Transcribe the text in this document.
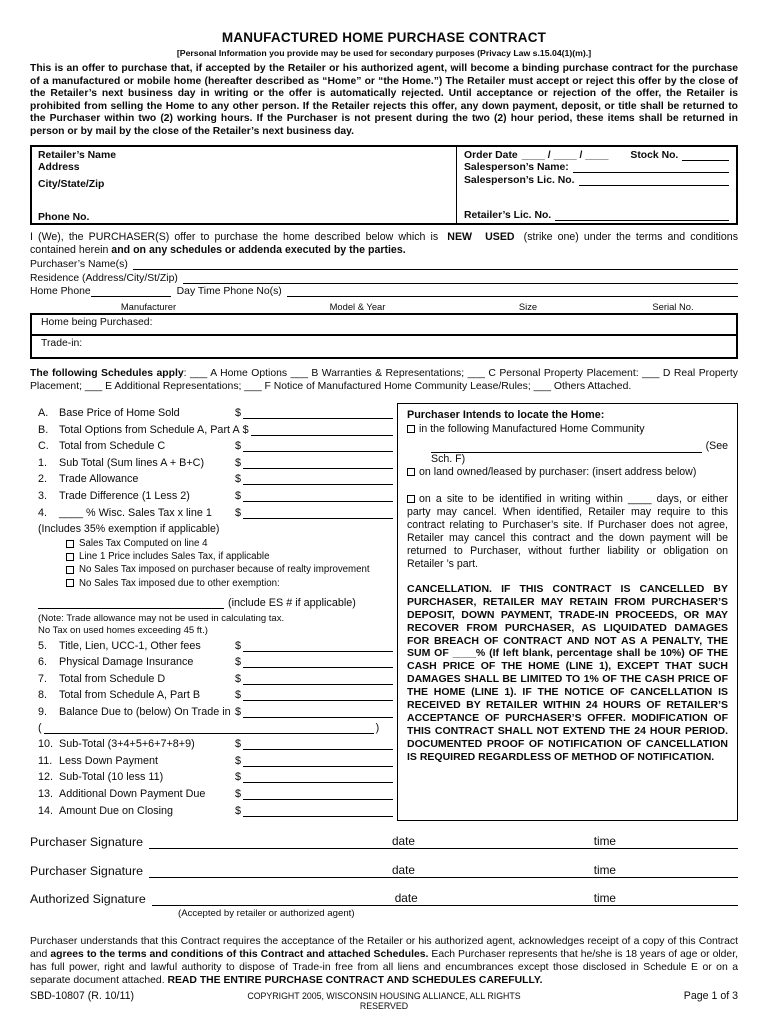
MANUFACTURED HOME PURCHASE CONTRACT
[Personal Information you provide may be used for secondary purposes (Privacy Law s.15.04(1)(m).]
This is an offer to purchase that, if accepted by the Retailer or his authorized agent, will become a binding purchase contract for the purchase of a manufactured or mobile home (hereafter described as “Home” or “the Home.”) The Retailer must accept or reject this offer by the close of the Retailer’s next business day in writing or the offer is automatically rejected. Until acceptance or rejection of the offer, the Retailer is prohibited from selling the Home to any other person. If the Retailer rejects this offer, any down payment, deposit, or title shall be returned to the Purchaser within two (2) working hours. If the Purchaser is not present during the two (2) hour period, these items shall be returned in person or by mail by the close of the Retailer’s next business day.
Retailer’s Name
Address
City/State/Zip
Phone No.
Order Date ____ / ____ / ____ Stock No.
Salesperson’s Name:
Salesperson’s Lic. No.
Retailer’s Lic. No.
I (We), the PURCHASER(S) offer to purchase the home described below which is NEW USED (strike one) under the terms and conditions contained herein and on any schedules or addenda executed by the parties.
Purchaser’s Name(s)
Residence (Address/City/St/Zip)
Home Phone	Day Time Phone No(s)
Manufacturer	Model & Year	Size	Serial No.
Home being Purchased:
Trade-in:
The following Schedules apply: ___ A Home Options ___ B Warranties & Representations; ___ C Personal Property Placement: ___ D Real Property Placement; ___ E Additional Representations; ___ F Notice of Manufactured Home Community Lease/Rules; ___ Others Attached.
A. Base Price of Home Sold	$
B. Total Options from Schedule A, Part A $
C. Total from Schedule C	$
1.	Sub Total (Sum lines A + B+C)	$
2.	Trade Allowance	$
3.	Trade Difference (1 Less 2)	$
4.	____ % Wisc. Sales Tax x line 1	$
(Includes 35% exemption if applicable)
Sales Tax Computed on line 4
Line 1 Price includes Sales Tax, if applicable
No Sales Tax imposed on purchaser because of realty improvement
No Sales Tax imposed due to other exemption:
(include ES # if applicable)
(Note: Trade allowance may not be used in calculating tax.
No Tax on used homes exceeding 45 ft.)
5.	Title, Lien, UCC-1, Other fees	$
6.	Physical Damage Insurance	$
7.	Total from Schedule D	$
8.	Total from Schedule A, Part B	$
9.	Balance Due to (below) On Trade in $
(	)
10. Sub-Total (3+4+5+6+7+8+9)	$
11. Less Down Payment	$
12. Sub-Total (10 less 11)	$
13. Additional Down Payment Due	$
14. Amount Due on Closing	$
Purchaser Intends to locate the Home:
in the following Manufactured Home Community
(See
Sch. F)
on land owned/leased by purchaser: (insert address below)
on a site to be identified in writing within ____ days, or either party may cancel. When identified, Retailer may require to this contract relating to Purchaser’s site. If Purchaser does not agree, Retailer may cancel this contract and the down payment will be returned to Purchaser, without further liability or obligation on Retailer ’s part.
CANCELLATION. IF THIS CONTRACT IS CANCELLED BY PURCHASER, RETAILER MAY RETAIN FROM PURCHASER’S DEPOSIT, DOWN PAYMENT, TRADE-IN PROCEEDS, OR MAY RECOVER FROM PURCHASER, AS LIQUIDATED DAMAGES FOR BREACH OF CONTRACT AND NOT AS A PENALTY, THE SUM OF ____% (If left blank, percentage shall be 10%) OF THE CASH PRICE OF THE HOME (LINE 1), EXCEPT THAT SUCH DAMAGES SHALL BE LIMITED TO 1% OF THE CASH PRICE OF THE HOME (LINE 1). IF THE NOTICE OF CANCELLATION IS RECEIVED BY RETAILER WITHIN 24 HOURS OF RETAILER’S ACCEPTANCE OF PURCHASER’S OFFER. MODIFICATION OF THIS CONTRACT SHALL NOT EXTEND THE 24 HOUR PERIOD. DOCUMENTED PROOF OF NOTIFICATION OF CANCELLATION IS REQUIRED REGARDLESS OF METHOD OF NOTIFICATION.
Purchaser Signature	date	time
Purchaser Signature	date	time
Authorized Signature	date	time
(Accepted by retailer or authorized agent)
Purchaser understands that this Contract requires the acceptance of the Retailer or his authorized agent, acknowledges receipt of a copy of this Contract and agrees to the terms and conditions of this Contract and attached Schedules. Each Purchaser represents that he/she is 18 years of age or older, has full power, right and lawful authority to dispose of Trade-in free from all liens and encumbrances except those disclosed in Schedule E or on a separate document attached. READ THE ENTIRE PURCHASE CONTRACT AND SCHEDULES CAREFULLY.
SBD-10807 (R. 10/11)	COPYRIGHT 2005, WISCONSIN HOUSING ALLIANCE, ALL RIGHTS RESERVED
Page 1 of 3
